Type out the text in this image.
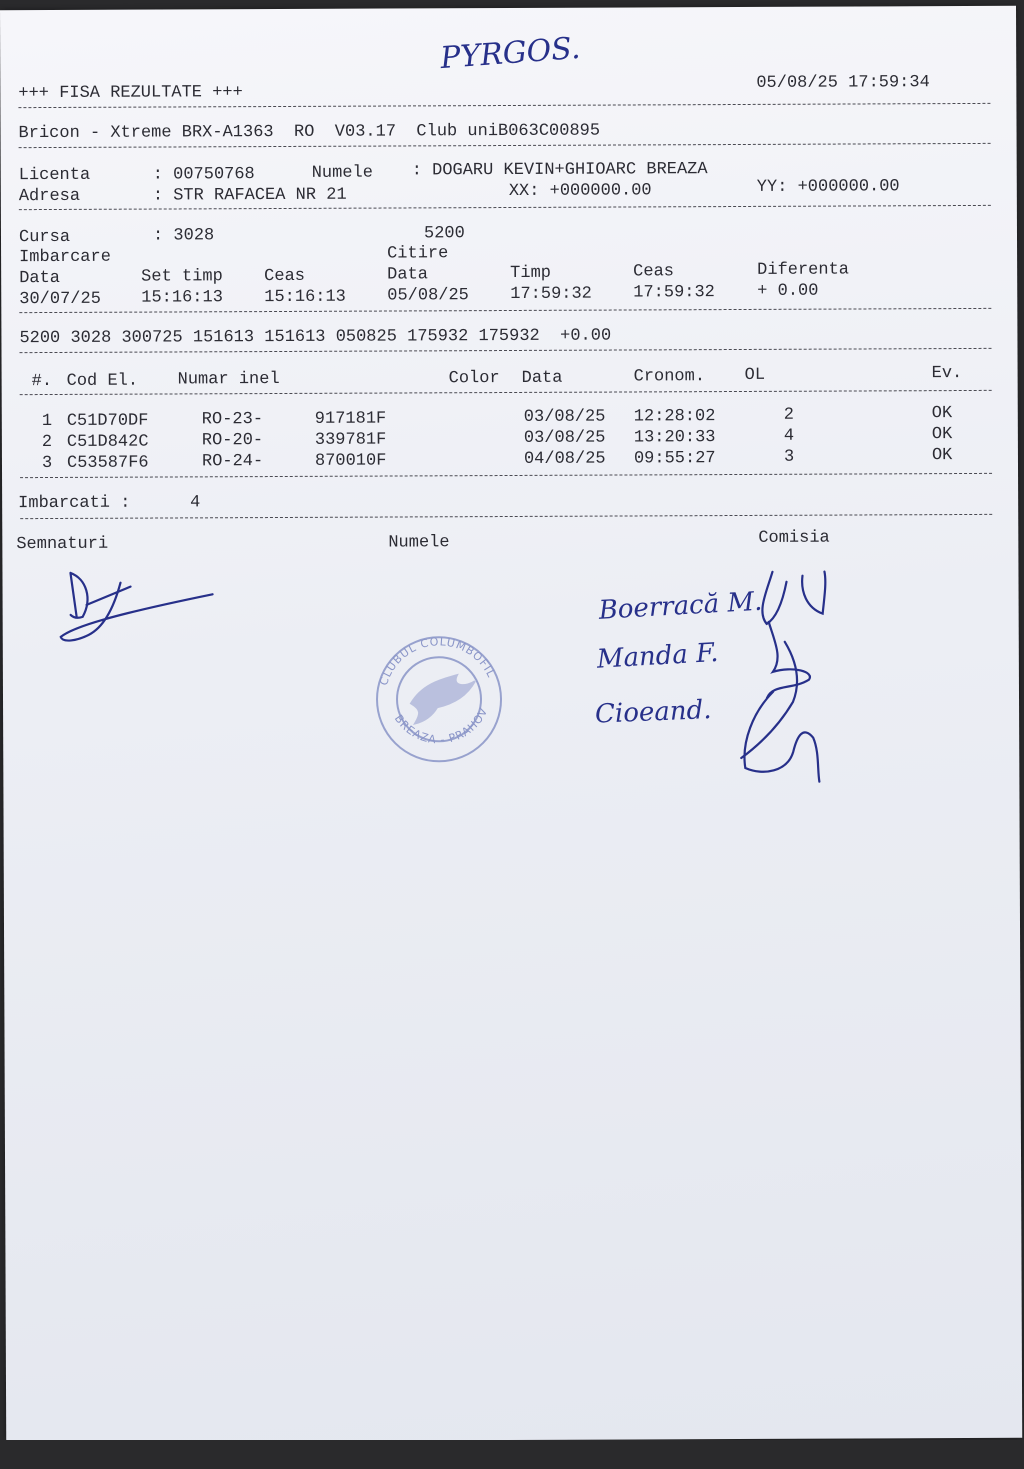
PYRGOS.
+++ FISA REZULTATE +++
05/08/25 17:59:34
Bricon - Xtreme BRX-A1363  RO  V03.17  Club uniB063C00895
Licenta	: 00750768	Numele : DOGARU KEVIN+GHIOARC BREAZA
Adresa	: STR RAFACEA NR 21	XX: +000000.00	YY: +000000.00
Cursa	: 3028	5200
Imbarcare	Citire
Data	Set timp Ceas	Data	Timp	Ceas	Diferenta
30/07/25 15:16:13 15:16:13 05/08/25 17:59:32 17:59:32 + 0.00
5200 3028 300725 151613 151613 050825 175932 175932  +0.00
#. Cod El. Numar inel	Color Data	Cronom. OL	Ev.
1 C51D70DF	RO-23-	917181F	03/08/25 12:28:02	2	OK
2 C51D842C	RO-20-	339781F	03/08/25 13:20:33	4	OK
3 C53587F6	RO-24-	870010F	04/08/25 09:55:27	3	OK
Imbarcati :	4
Semnaturi	Numele	Comisia
CLUBUL COLUMBOFIL
BREAZA - PRAHOVA
Boerracă M.
Manda F.
Cioeand.
